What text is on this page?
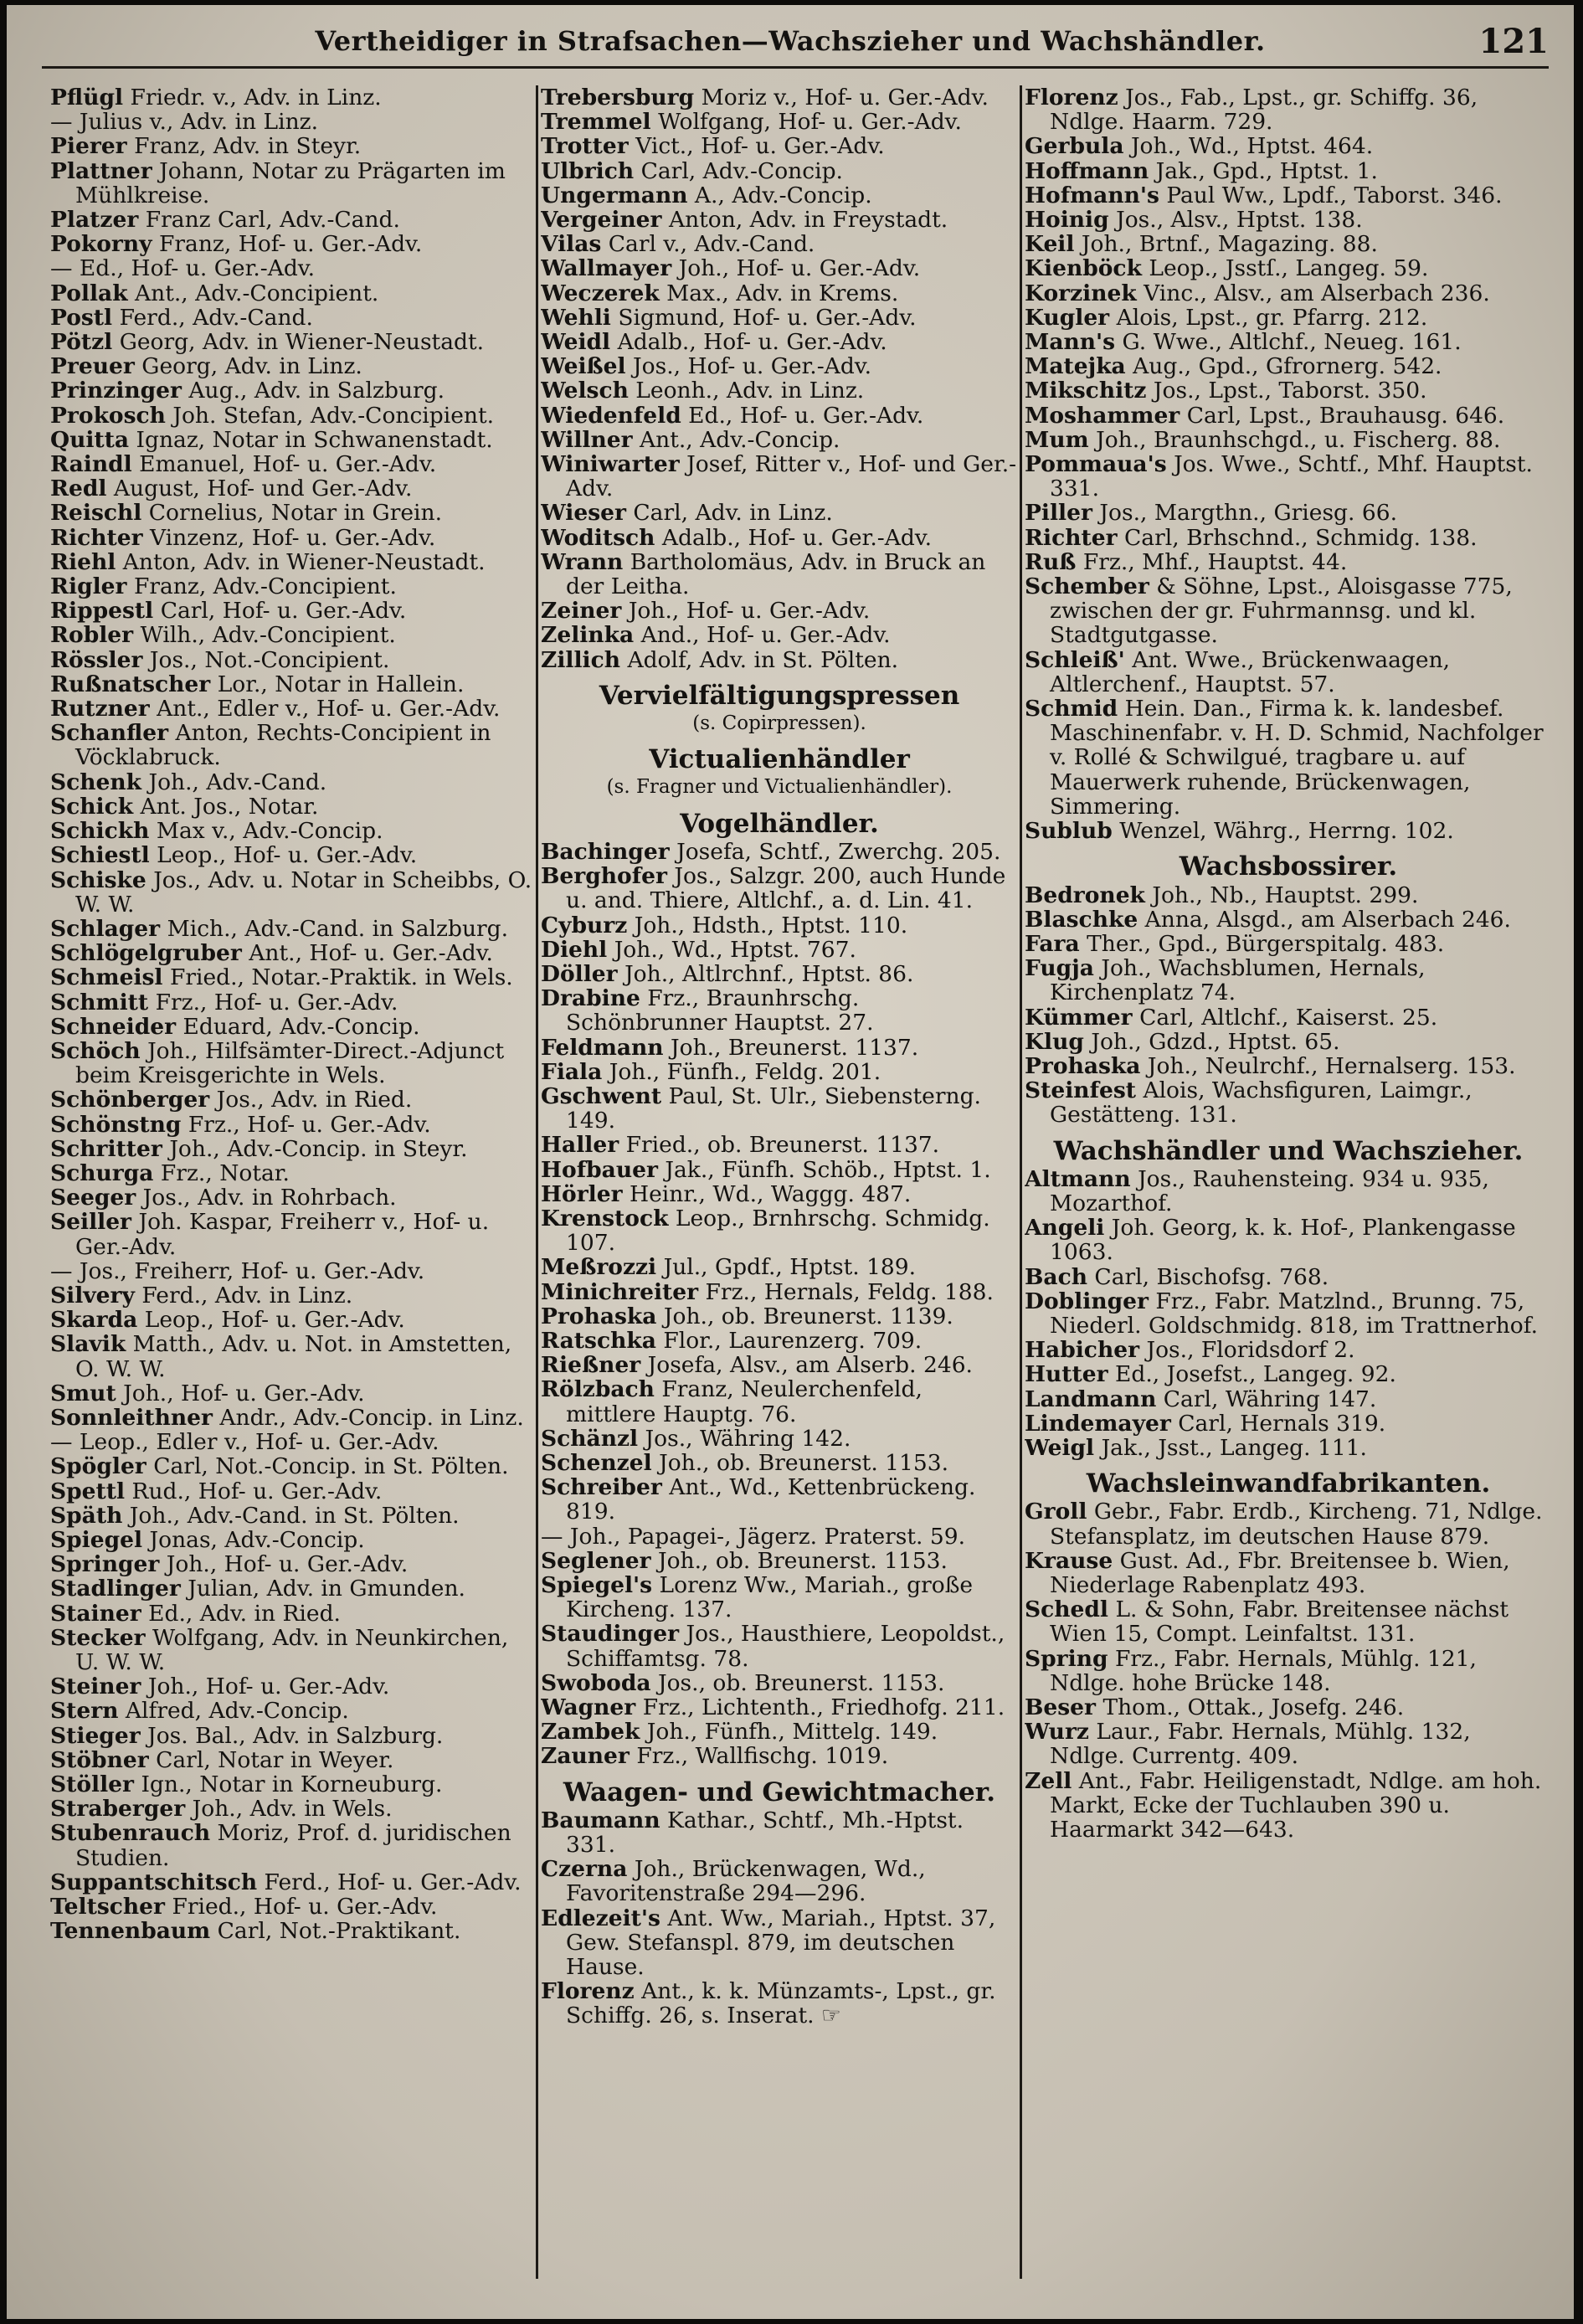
Vertheidiger in Strafsachen—Wachszieher und Wachshändler.	121
Pflügl Friedr. v., Adv. in Linz.
— Julius v., Adv. in Linz.
Pierer Franz, Adv. in Steyr.
Plattner Johann, Notar zu Prägarten im Mühlkreise.
Platzer Franz Carl, Adv.-Cand.
Pokorny Franz, Hof- u. Ger.-Adv.
— Ed., Hof- u. Ger.-Adv.
Pollak Ant., Adv.-Concipient.
Postl Ferd., Adv.-Cand.
Pötzl Georg, Adv. in Wiener-Neustadt.
Preuer Georg, Adv. in Linz.
Prinzinger Aug., Adv. in Salzburg.
Prokosch Joh. Stefan, Adv.-Concipient.
Quitta Ignaz, Notar in Schwanenstadt.
Raindl Emanuel, Hof- u. Ger.-Adv.
Redl August, Hof- und Ger.-Adv.
Reischl Cornelius, Notar in Grein.
Richter Vinzenz, Hof- u. Ger.-Adv.
Riehl Anton, Adv. in Wiener-Neustadt.
Rigler Franz, Adv.-Concipient.
Rippestl Carl, Hof- u. Ger.-Adv.
Robler Wilh., Adv.-Concipient.
Rössler Jos., Not.-Concipient.
Rußnatscher Lor., Notar in Hallein.
Rutzner Ant., Edler v., Hof- u. Ger.-Adv.
Schanfler Anton, Rechts-Concipient in Vöcklabruck.
Schenk Joh., Adv.-Cand.
Schick Ant. Jos., Notar.
Schickh Max v., Adv.-Concip.
Schiestl Leop., Hof- u. Ger.-Adv.
Schiske Jos., Adv. u. Notar in Scheibbs, O. W. W.
Schlager Mich., Adv.-Cand. in Salzburg.
Schlögelgruber Ant., Hof- u. Ger.-Adv.
Schmeisl Fried., Notar.-Praktik. in Wels.
Schmitt Frz., Hof- u. Ger.-Adv.
Schneider Eduard, Adv.-Concip.
Schöch Joh., Hilfsämter-Direct.-Adjunct beim Kreisgerichte in Wels.
Schönberger Jos., Adv. in Ried.
Schönstng Frz., Hof- u. Ger.-Adv.
Schritter Joh., Adv.-Concip. in Steyr.
Schurga Frz., Notar.
Seeger Jos., Adv. in Rohrbach.
Seiller Joh. Kaspar, Freiherr v., Hof- u. Ger.-Adv.
— Jos., Freiherr, Hof- u. Ger.-Adv.
Silvery Ferd., Adv. in Linz.
Skarda Leop., Hof- u. Ger.-Adv.
Slavik Matth., Adv. u. Not. in Amstetten, O. W. W.
Smut Joh., Hof- u. Ger.-Adv.
Sonnleithner Andr., Adv.-Concip. in Linz.
— Leop., Edler v., Hof- u. Ger.-Adv.
Spögler Carl, Not.-Concip. in St. Pölten.
Spettl Rud., Hof- u. Ger.-Adv.
Späth Joh., Adv.-Cand. in St. Pölten.
Spiegel Jonas, Adv.-Concip.
Springer Joh., Hof- u. Ger.-Adv.
Stadlinger Julian, Adv. in Gmunden.
Stainer Ed., Adv. in Ried.
Stecker Wolfgang, Adv. in Neunkirchen, U. W. W.
Steiner Joh., Hof- u. Ger.-Adv.
Stern Alfred, Adv.-Concip.
Stieger Jos. Bal., Adv. in Salzburg.
Stöbner Carl, Notar in Weyer.
Stöller Ign., Notar in Korneuburg.
Straberger Joh., Adv. in Wels.
Stubenrauch Moriz, Prof. d. juridischen Studien.
Suppantschitsch Ferd., Hof- u. Ger.-Adv.
Teltscher Fried., Hof- u. Ger.-Adv.
Tennenbaum Carl, Not.-Praktikant.
Trebersburg Moriz v., Hof- u. Ger.-Adv.
Tremmel Wolfgang, Hof- u. Ger.-Adv.
Trotter Vict., Hof- u. Ger.-Adv.
Ulbrich Carl, Adv.-Concip.
Ungermann A., Adv.-Concip.
Vergeiner Anton, Adv. in Freystadt.
Vilas Carl v., Adv.-Cand.
Wallmayer Joh., Hof- u. Ger.-Adv.
Weczerek Max., Adv. in Krems.
Wehli Sigmund, Hof- u. Ger.-Adv.
Weidl Adalb., Hof- u. Ger.-Adv.
Weißel Jos., Hof- u. Ger.-Adv.
Welsch Leonh., Adv. in Linz.
Wiedenfeld Ed., Hof- u. Ger.-Adv.
Willner Ant., Adv.-Concip.
Winiwarter Josef, Ritter v., Hof- und Ger.-Adv.
Wieser Carl, Adv. in Linz.
Woditsch Adalb., Hof- u. Ger.-Adv.
Wrann Bartholomäus, Adv. in Bruck an der Leitha.
Zeiner Joh., Hof- u. Ger.-Adv.
Zelinka And., Hof- u. Ger.-Adv.
Zillich Adolf, Adv. in St. Pölten.
Vervielfältigungspressen
(s. Copirpressen).
Victualienhändler
(s. Fragner und Victualienhändler).
Vogelhändler.
Bachinger Josefa, Schtf., Zwerchg. 205.
Berghofer Jos., Salzgr. 200, auch Hunde u. and. Thiere, Altlchf., a. d. Lin. 41.
Cyburz Joh., Hdsth., Hptst. 110.
Diehl Joh., Wd., Hptst. 767.
Döller Joh., Altlrchnf., Hptst. 86.
Drabine Frz., Braunhrschg. Schönbrunner Hauptst. 27.
Feldmann Joh., Breunerst. 1137.
Fiala Joh., Fünfh., Feldg. 201.
Gschwent Paul, St. Ulr., Siebensterng. 149.
Haller Fried., ob. Breunerst. 1137.
Hofbauer Jak., Fünfh. Schöb., Hptst. 1.
Hörler Heinr., Wd., Waggg. 487.
Krenstock Leop., Brnhrschg. Schmidg. 107.
Meßrozzi Jul., Gpdf., Hptst. 189.
Minichreiter Frz., Hernals, Feldg. 188.
Prohaska Joh., ob. Breunerst. 1139.
Ratschka Flor., Laurenzerg. 709.
Rießner Josefa, Alsv., am Alserb. 246.
Rölzbach Franz, Neulerchenfeld, mittlere Hauptg. 76.
Schänzl Jos., Währing 142.
Schenzel Joh., ob. Breunerst. 1153.
Schreiber Ant., Wd., Kettenbrückeng. 819.
— Joh., Papagei-, Jägerz. Praterst. 59.
Seglener Joh., ob. Breunerst. 1153.
Spiegel's Lorenz Ww., Mariah., große Kircheng. 137.
Staudinger Jos., Hausthiere, Leopoldst., Schiffamtsg. 78.
Swoboda Jos., ob. Breunerst. 1153.
Wagner Frz., Lichtenth., Friedhofg. 211.
Zambek Joh., Fünfh., Mittelg. 149.
Zauner Frz., Wallfischg. 1019.
Waagen- und Gewichtmacher.
Baumann Kathar., Schtf., Mh.-Hptst. 331.
Czerna Joh., Brückenwagen, Wd., Favoritenstraße 294—296.
Edlezeit's Ant. Ww., Mariah., Hptst. 37, Gew. Stefanspl. 879, im deutschen Hause.
Florenz Ant., k. k. Münzamts-, Lpst., gr. Schiffg. 26, s. Inserat. ☞
Florenz Jos., Fab., Lpst., gr. Schiffg. 36, Ndlge. Haarm. 729.
Gerbula Joh., Wd., Hptst. 464.
Hoffmann Jak., Gpd., Hptst. 1.
Hofmann's Paul Ww., Lpdf., Taborst. 346.
Hoinig Jos., Alsv., Hptst. 138.
Keil Joh., Brtnf., Magazing. 88.
Kienböck Leop., Jsstſ., Langeg. 59.
Korzinek Vinc., Alsv., am Alserbach 236.
Kugler Alois, Lpst., gr. Pfarrg. 212.
Mann's G. Wwe., Altlchf., Neueg. 161.
Matejka Aug., Gpd., Gfrornerg. 542.
Mikschitz Jos., Lpst., Taborst. 350.
Moshammer Carl, Lpst., Brauhausg. 646.
Mum Joh., Braunhschgd., u. Fischerg. 88.
Pommaua's Jos. Wwe., Schtf., Mhf. Hauptst. 331.
Piller Jos., Margthn., Griesg. 66.
Richter Carl, Brhschnd., Schmidg. 138.
Ruß Frz., Mhf., Hauptst. 44.
Schember & Söhne, Lpst., Aloisgasse 775, zwischen der gr. Fuhrmannsg. und kl. Stadtgutgasse.
Schleiß' Ant. Wwe., Brückenwaagen, Altlerchenf., Hauptst. 57.
Schmid Hein. Dan., Firma k. k. landesbef. Maschinenfabr. v. H. D. Schmid, Nachfolger v. Rollé & Schwilgué, tragbare u. auf Mauerwerk ruhende, Brückenwagen, Simmering.
Sublub Wenzel, Währg., Herrng. 102.
Wachsbossirer.
Bedronek Joh., Nb., Hauptst. 299.
Blaschke Anna, Alsgd., am Alserbach 246.
Fara Ther., Gpd., Bürgerspitalg. 483.
Fugja Joh., Wachsblumen, Hernals, Kirchenplatz 74.
Kümmer Carl, Altlchf., Kaiserst. 25.
Klug Joh., Gdzd., Hptst. 65.
Prohaska Joh., Neulrchf., Hernalserg. 153.
Steinfest Alois, Wachsfiguren, Laimgr., Gestätteng. 131.
Wachshändler und Wachszieher.
Altmann Jos., Rauhensteing. 934 u. 935, Mozarthof.
Angeli Joh. Georg, k. k. Hof-, Plankengasse 1063.
Bach Carl, Bischofsg. 768.
Doblinger Frz., Fabr. Matzlnd., Brunng. 75, Niederl. Goldschmidg. 818, im Trattnerhof.
Habicher Jos., Floridsdorf 2.
Hutter Ed., Josefst., Langeg. 92.
Landmann Carl, Währing 147.
Lindemayer Carl, Hernals 319.
Weigl Jak., Jsst., Langeg. 111.
Wachsleinwandfabrikanten.
Groll Gebr., Fabr. Erdb., Kircheng. 71, Ndlge. Stefansplatz, im deutschen Hause 879.
Krause Gust. Ad., Fbr. Breitensee b. Wien, Niederlage Rabenplatz 493.
Schedl L. & Sohn, Fabr. Breitensee nächst Wien 15, Compt. Leinfaltst. 131.
Spring Frz., Fabr. Hernals, Mühlg. 121, Ndlge. hohe Brücke 148.
Beser Thom., Ottak., Josefg. 246.
Wurz Laur., Fabr. Hernals, Mühlg. 132, Ndlge. Currentg. 409.
Zell Ant., Fabr. Heiligenstadt, Ndlge. am hoh. Markt, Ecke der Tuchlauben 390 u. Haarmarkt 342—643.
